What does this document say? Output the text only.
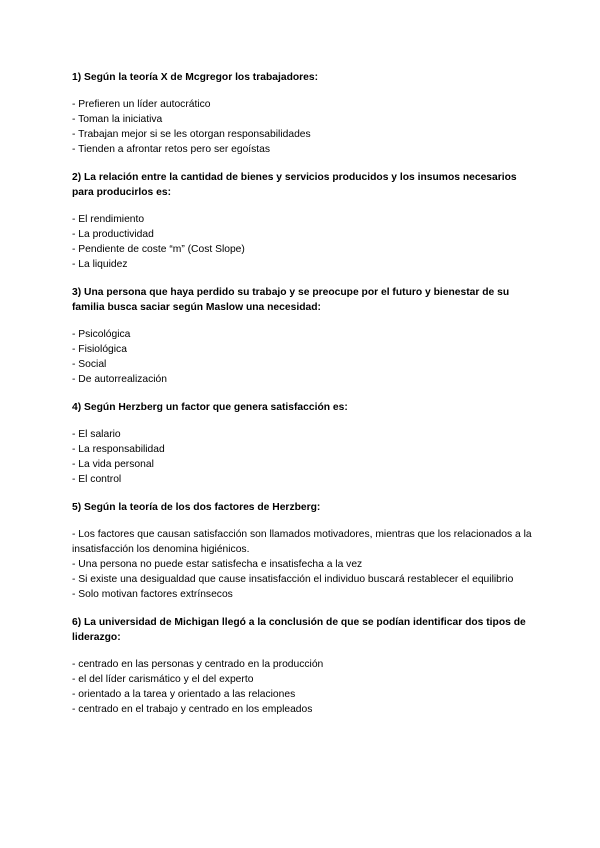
1) Según la teoría X de Mcgregor los trabajadores:

- Prefieren un líder autocrático
- Toman la iniciativa
- Trabajan mejor si se les otorgan responsabilidades
- Tienden a afrontar retos pero ser egoístas

2) La relación entre la cantidad de bienes y servicios producidos y los insumos necesarios para producirlos es:

- El rendimiento
- La productividad
- Pendiente de coste “m” (Cost Slope)
- La liquidez

3) Una persona que haya perdido su trabajo y se preocupe por el futuro y bienestar de su familia busca saciar según Maslow una necesidad:

- Psicológica
- Fisiológica
- Social
- De autorrealización

4) Según Herzberg un factor que genera satisfacción es:

- El salario
- La responsabilidad
- La vida personal
- El control

5) Según la teoría de los dos factores de Herzberg:

- Los factores que causan satisfacción son llamados motivadores, mientras que los relacionados a la insatisfacción los denomina higiénicos.
- Una persona no puede estar satisfecha e insatisfecha a la vez
- Si existe una desigualdad que cause insatisfacción el individuo buscará restablecer el equilibrio
- Solo motivan factores extrínsecos

6) La universidad de Michigan llegó a la conclusión de que se podían identificar dos tipos de liderazgo:

- centrado en las personas y centrado en la producción
- el del líder carismático y el del experto
- orientado a la tarea y orientado a las relaciones
- centrado en el trabajo y centrado en los empleados
